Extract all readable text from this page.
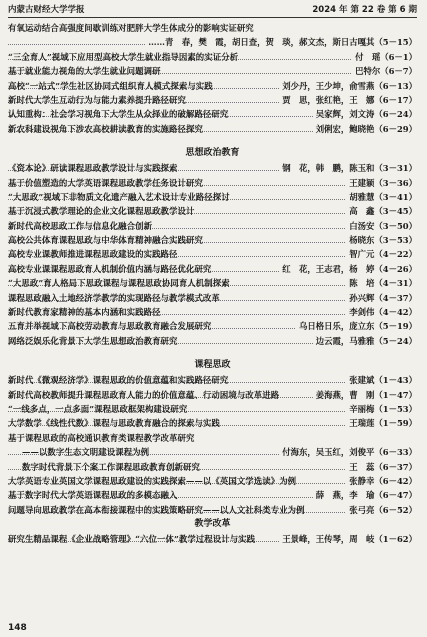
内蒙古财经大学学报	2024 年 第 22 卷 第 6 期
有氧运动结合高强度间歇训练对肥胖大学生体成分的影响实证研究
……青　春，樊　霞，胡日查，贺　琰，郝文杰，斯日古嘎其（5－15）
“三全育人”视域下应用型高校大学生就业指导因素的实证分析	付　瑶（6－1）
基于就业能力视角的大学生就业问题调研	巴特尔（6－7）
高校“一站式”学生社区协同式组织育人模式探索与实践	刘少丹，王少坤，俞雪燕（6－13）
新时代大学生互动行为与能力素养提升路径研究	贾　思，张红艳，王　娜（6－17）
认知重构：社会学习视角下大学生从众择业的破解路径研究	吴家辉，刘文涛（6－24）
新农科建设视角下涉农高校耕读教育的实施路径探究	刘俐宏，鲍晓艳（6－29）
思想政治教育
《资本论》研读课程思政教学设计与实践探索	钢　花，韩　鹏，陈玉和（3－31）
基于价值塑造的大学英语课程思政教学任务设计研究	王建颖（3－36）
“大思政”视域下非物质文化遗产融入艺术设计专业路径探讨	胡雅慧（3－41）
基于沉浸式教学理论的企业文化课程思政教学设计	高　鑫（3－45）
新时代高校思政工作与信息化融合创新	白汤安（3－50）
高校公共体育课程思政与中华体育精神融合实践研究	杨晓东（3－53）
高校专业课教师推进课程思政建设的实践路径	智广元（4－22）
高校专业课课程思政育人机制价值内涵与路径优化研究	红　花，王志君，杨　婷（4－26）
“大思政”育人格局下思政课程与课程思政协同育人机制探索	陈　培（4－31）
课程思政融入土地经济学教学的实现路径与教学模式改革	孙兴辉（4－37）
新时代教育家精神的基本内涵和实践路径	李剑伟（4－42）
五育并举视域下高校劳动教育与思政教育融合发展研究	乌日格日乐，庞立东（5－19）
网络泛娱乐化背景下大学生思想政治教育研究	边云霞，马雅雅（5－24）
课程思政
新时代《微观经济学》课程思政的价值意蕴和实践路径研究	张建斌（1－43）
新时代高校教师提升课程思政育人能力的价值意蕴、行动困境与改革进路	姜海燕，曹　刚（1－47）
“一线多点，一点多面”课程思政框架构建设研究	辛丽梅（1－53）
大学数学《线性代数》课程与思政教育融合的探索与实践	王瑞莲（1－59）
基于课程思政的高校通识教育类课程教学改革研究
——以数字生态文明建设课程为例	付海东，吴玉红，刘俊平（6－33）
数字时代背景下个案工作课程思政教育创新研究	王　蕊（6－37）
大学英语专业英国文学课程思政建设的实践探索——以《英国文学选读》为例	张静幸（6－42）
基于数字时代大学英语课程思政的多模态融入	薛　燕，李　瑜（6－47）
问题导向思政教学在高本衔接课程中的实践策略研究——以人文社科类专业为例	张弓亮（6－52）
教学改革
研究生精品课程《企业战略管理》“六位一体”教学过程设计与实践	王景峰，王传琴，周　岐（1－62）
148
